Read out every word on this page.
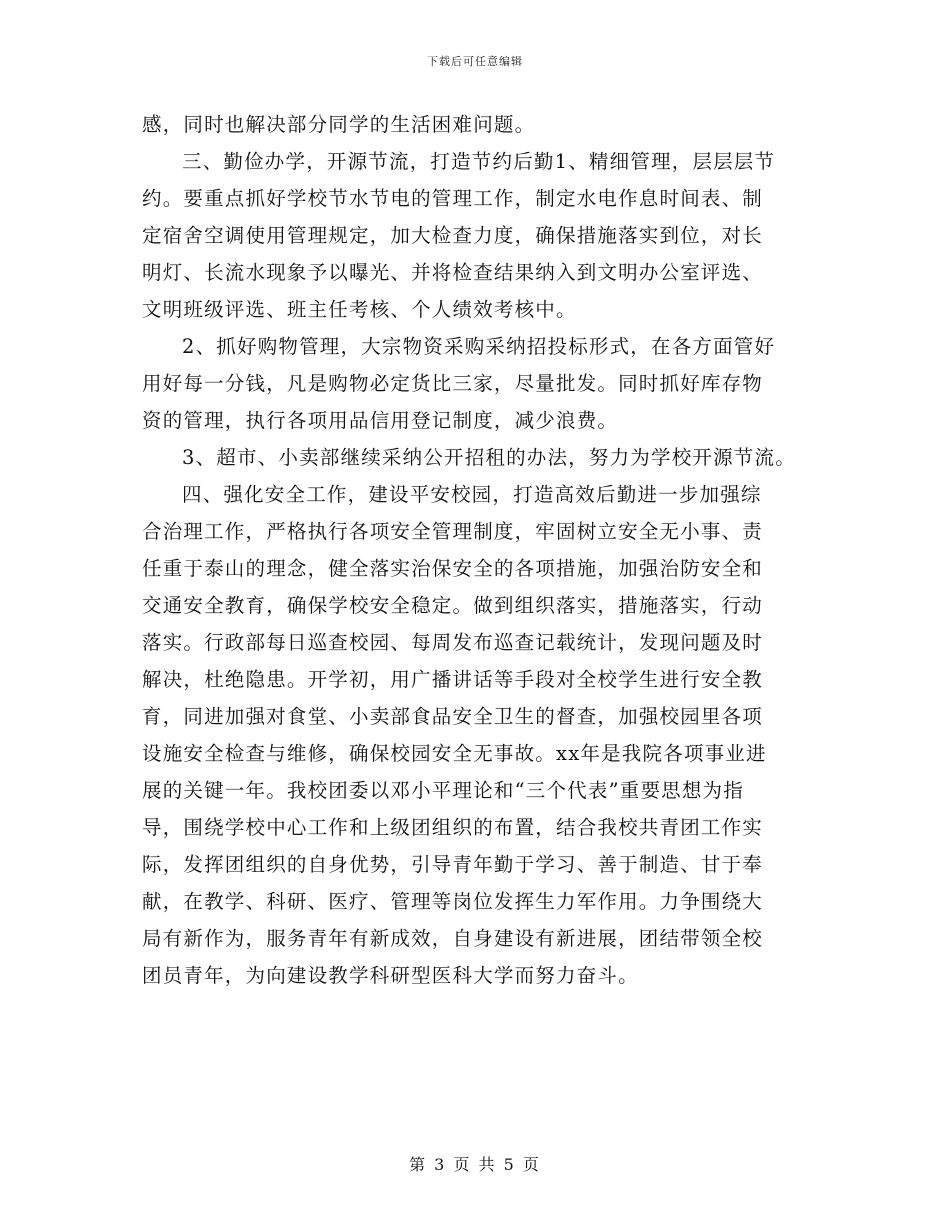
下载后可任意编辑
感，同时也解决部分同学的生活困难问题。
三、勤俭办学，开源节流，打造节约后勤1、精细管理，层层层节
约。要重点抓好学校节水节电的管理工作，制定水电作息时间表、制
定宿舍空调使用管理规定，加大检查力度，确保措施落实到位，对长
明灯、长流水现象予以曝光、并将检查结果纳入到文明办公室评选、
文明班级评选、班主任考核、个人绩效考核中。
2、抓好购物管理，大宗物资采购采纳招投标形式，在各方面管好
用好每一分钱，凡是购物必定货比三家，尽量批发。同时抓好库存物
资的管理，执行各项用品信用登记制度，减少浪费。
3、超市、小卖部继续采纳公开招租的办法，努力为学校开源节流。
四、强化安全工作，建设平安校园，打造高效后勤进一步加强综
合治理工作，严格执行各项安全管理制度，牢固树立安全无小事、责
任重于泰山的理念，健全落实治保安全的各项措施，加强治防安全和
交通安全教育，确保学校安全稳定。做到组织落实，措施落实，行动
落实。行政部每日巡查校园、每周发布巡查记载统计，发现问题及时
解决，杜绝隐患。开学初，用广播讲话等手段对全校学生进行安全教
育，同进加强对食堂、小卖部食品安全卫生的督查，加强校园里各项
设施安全检查与维修，确保校园安全无事故。xx年是我院各项事业进
展的关键一年。我校团委以邓小平理论和“三个代表”重要思想为指
导，围绕学校中心工作和上级团组织的布置，结合我校共青团工作实
际，发挥团组织的自身优势，引导青年勤于学习、善于制造、甘于奉
献，在教学、科研、医疗、管理等岗位发挥生力军作用。力争围绕大
局有新作为，服务青年有新成效，自身建设有新进展，团结带领全校
团员青年，为向建设教学科研型医科大学而努力奋斗。
第 3 页 共 5 页
